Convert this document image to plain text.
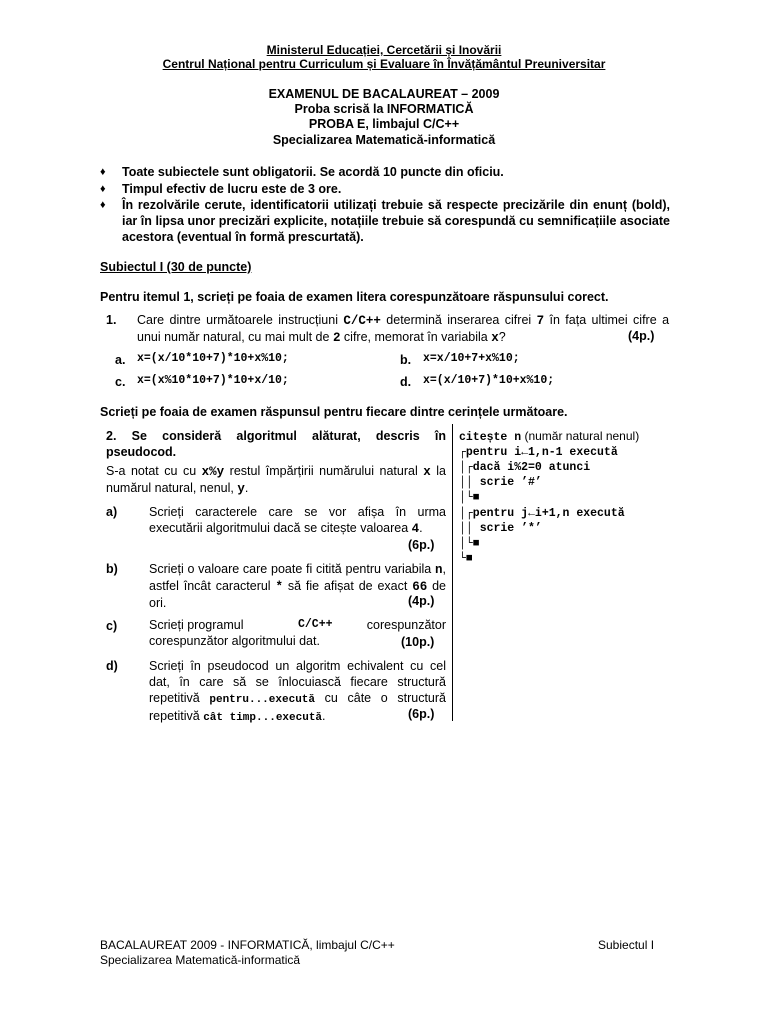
Ministerul Educației, Cercetării și Inovării
Centrul Național pentru Curriculum și Evaluare în Învățământul Preuniversitar
EXAMENUL DE BACALAUREAT – 2009
Proba scrisă la INFORMATICĂ
PROBA E, limbajul C/C++
Specializarea Matematică-informatică
♦ Toate subiectele sunt obligatorii. Se acordă 10 puncte din oficiu.
♦ Timpul efectiv de lucru este de 3 ore.
♦ În rezolvările cerute, identificatorii utilizați trebuie să respecte precizările din enunț (bold), iar în lipsa unor precizări explicite, notațiile trebuie să corespundă cu semnificațiile asociate acestora (eventual în formă prescurtată).
Subiectul I (30 de puncte)
Pentru itemul 1, scrieți pe foaia de examen litera corespunzătoare răspunsului corect.
1. Care dintre următoarele instrucțiuni C/C++ determină inserarea cifrei 7 în fața ultimei cifre a unui număr natural, cu mai mult de 2 cifre, memorat în variabila x?	(4p.)
a. x=(x/10*10+7)*10+x%10;	b. x=x/10+7+x%10;
c. x=(x%10*10+7)*10+x/10;	d. x=(x/10+7)*10+x%10;
Scrieți pe foaia de examen răspunsul pentru fiecare dintre cerințele următoare.
2. Se consideră algoritmul alăturat, descris în pseudocod.
S-a notat cu cu x%y restul împărțirii numărului natural x la numărul natural, nenul, y.
a)	Scrieți caracterele care se vor afișa în urma executării algoritmului dacă se citește valoarea 4.
(6p.)
b) Scrieți o valoare care poate fi citită pentru variabila n, astfel încât caracterul * să fie afișat de exact 66 de ori.	(4p.)
c)	Scrieți programul	C/C++
corespunzător algoritmului dat.
corespunzător
(10p.)
d) Scrieți în pseudocod un algoritm echivalent cu cel dat, în care să se înlocuiască fiecare structură repetitivă pentru...execută cu câte o structură repetitivă cât timp...execută.	(6p.)
citește n (număr natural nenul)
┌pentru i←1,n-1 execută
│┌dacă i%2=0 atunci
││ scrie ’#’
│└■
│┌pentru j←i+1,n execută
││ scrie ’*’
│└■
└■
BACALAUREAT 2009 - INFORMATICĂ, limbajul C/C++
Specializarea Matematică-informatică
Subiectul I
